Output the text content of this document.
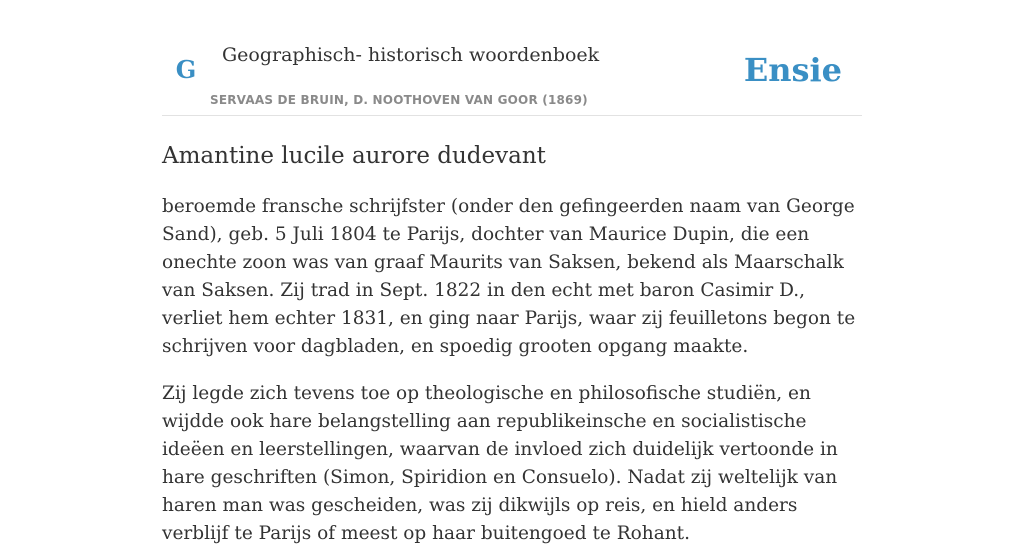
G	Geographisch- historisch woordenboek
SERVAAS DE BRUIN, D. NOOTHOVEN VAN GOOR (1869)
Ensie
Amantine lucile aurore dudevant

beroemde fransche schrijfster (onder den gefingeerden naam van George Sand), geb. 5 Juli 1804 te Parijs, dochter van Maurice Dupin, die een onechte zoon was van graaf Maurits van Saksen, bekend als Maarschalk van Saksen. Zij trad in Sept. 1822 in den echt met baron Casimir D., verliet hem echter 1831, en ging naar Parijs, waar zij feuilletons begon te schrijven voor dagbladen, en spoedig grooten opgang maakte.

Zij legde zich tevens toe op theologische en philosofische studiën, en wijdde ook hare belangstelling aan republikeinsche en socialistische ideëen en leerstellingen, waarvan de invloed zich duidelijk vertoonde in hare geschriften (Simon, Spiridion en Consuelo). Nadat zij weltelijk van haren man was gescheiden, was zij dikwijls op reis, en hield anders verblijf te Parijs of meest op haar buitengoed te Rohant.
